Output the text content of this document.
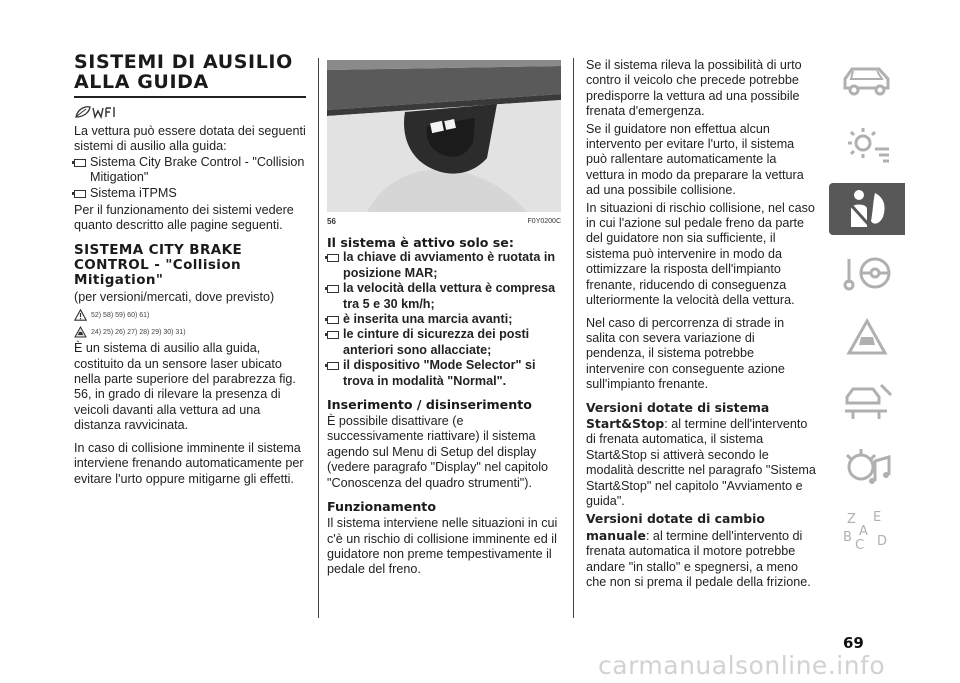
SISTEMI DI AUSILIO ALLA GUIDA

La vettura può essere dotata dei seguenti sistemi di ausilio alla guida:

Sistema City Brake Control - "Collision Mitigation"
Sistema iTPMS

Per il funzionamento dei sistemi vedere quanto descritto alle pagine seguenti.

SISTEMA CITY BRAKE CONTROL - "Collision Mitigation"

(per versioni/mercati, dove previsto)

52) 58) 59) 60) 61)
24) 25) 26) 27) 28) 29) 30) 31)

È un sistema di ausilio alla guida, costituito da un sensore laser ubicato nella parte superiore del parabrezza fig. 56, in grado di rilevare la presenza di veicoli davanti alla vettura ad una distanza ravvicinata.

In caso di collisione imminente il sistema interviene frenando automaticamente per evitare l'urto oppure mitigarne gli effetti.

56	F0Y0200C
Il sistema è attivo solo se:
la chiave di avviamento è ruotata in posizione MAR;
la velocità della vettura è compresa tra 5 e 30 km/h;
è inserita una marcia avanti;
le cinture di sicurezza dei posti anteriori sono allacciate;
il dispositivo "Mode Selector" si trova in modalità "Normal".
Inserimento / disinserimento

È possibile disattivare (e successivamente riattivare) il sistema agendo sul Menu di Setup del display (vedere paragrafo "Display" nel capitolo "Conoscenza del quadro strumenti").

Funzionamento

Il sistema interviene nelle situazioni in cui c'è un rischio di collisione imminente ed il guidatore non preme tempestivamente il pedale del freno.

Se il sistema rileva la possibilità di urto contro il veicolo che precede potrebbe predisporre la vettura ad una possibile frenata d'emergenza.

Se il guidatore non effettua alcun intervento per evitare l'urto, il sistema può rallentare automaticamente la vettura in modo da preparare la vettura ad una possibile collisione.

In situazioni di rischio collisione, nel caso in cui l'azione sul pedale freno da parte del guidatore non sia sufficiente, il sistema può intervenire in modo da ottimizzare la risposta dell'impianto frenante, riducendo di conseguenza ulteriormente la velocità della vettura.

Nel caso di percorrenza di strade in salita con severa variazione di pendenza, il sistema potrebbe intervenire con conseguente azione sull'impianto frenante.

Versioni dotate di sistema Start&Stop: al termine dell'intervento di frenata automatica, il sistema Start&Stop si attiverà secondo le modalità descritte nel paragrafo "Sistema Start&Stop" nel capitolo "Avviamento e guida".

Versioni dotate di cambio manuale: al termine dell'intervento di frenata automatica il motore potrebbe andare "in stallo" e spegnersi, a meno che non si prema il pedale della frizione.

Z E
A
B
C D
69
carmanualsonline.info
